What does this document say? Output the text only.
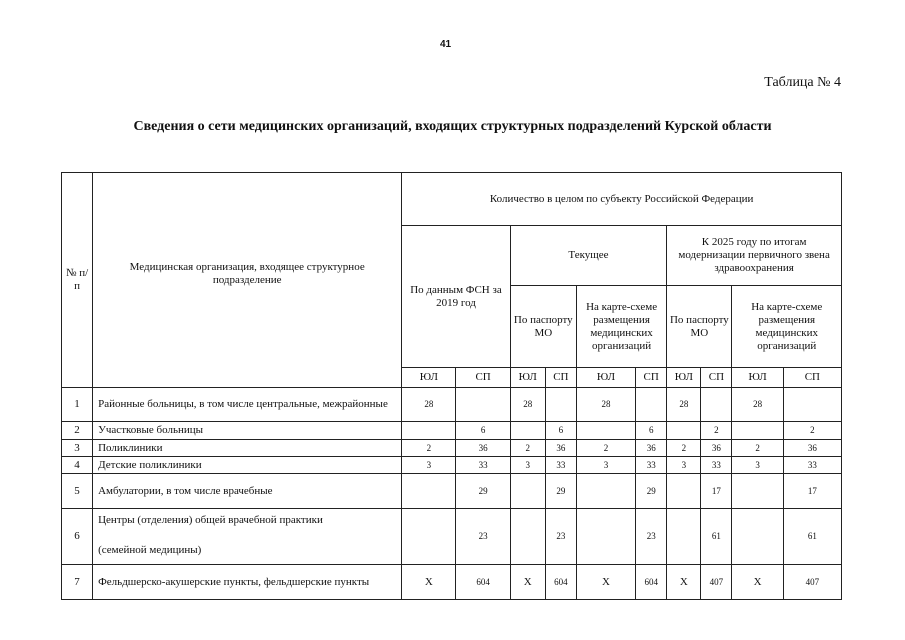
41
Таблица № 4
Сведения о сети медицинских организаций, входящих структурных подразделений Курской области
№ п/п	Медицинская организация, входящее структурное подразделение	Количество в целом по субъекту Российской Федерации									
		По данным ФСН за 2019 год		Текущее				К 2025 году по итогам модернизации первичного звена здравоохранения			
				По паспорту МО		На карте-схеме размещения медицинских организаций		По паспорту МО		На карте-схеме размещения медицинских организаций	
		ЮЛ	СП	ЮЛ	СП	ЮЛ	СП	ЮЛ	СП	ЮЛ	СП
1	Районные больницы, в том числе центральные, межрайонные	28		28		28		28		28	
2	Участковые больницы		6		6		6		2		2
3	Поликлиники	2	36	2	36	2	36	2	36	2	36
4	Детские поликлиники	3	33	3	33	3	33	3	33	3	33
5	Амбулатории, в том числе врачебные		29		29		29		17		17
6	Центры (отделения) общей врачебной практики
(семейной медицины)		23		23		23		61		61
7	Фельдшерско-акушерские пункты, фельдшерские пункты	X	604	X	604	X	604	X	407	X	407
